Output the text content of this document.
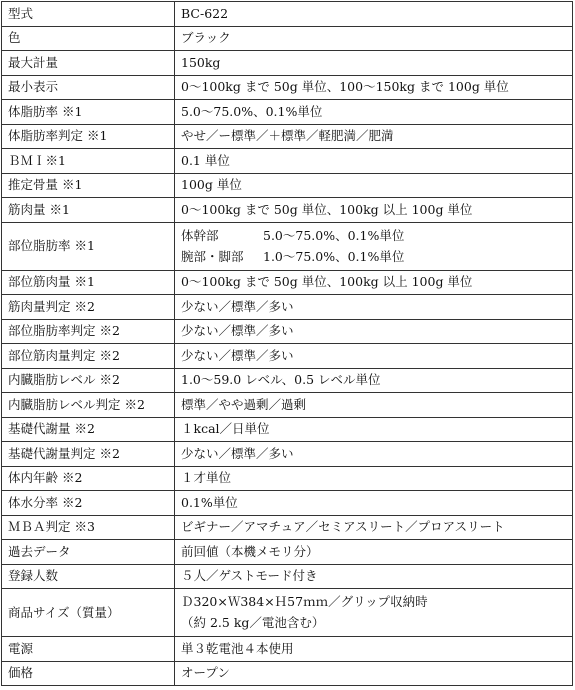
型式	BC-622
色	ブラック
最大計量	150kg
最小表示	0～100kg まで 50g 単位、100～150kg まで 100g 単位
体脂肪率 ※1	5.0～75.0%、0.1%単位
体脂肪率判定 ※1	やせ／ー標準／＋標準／軽肥満／肥満
ＢＭＩ※1	0.1 単位
推定骨量 ※1	100g 単位
筋肉量 ※1	0～100kg まで 50g 単位、100kg 以上 100g 単位
部位脂肪率 ※1	体幹部 5.0～75.0%、0.1%単位
腕部・脚部 1.0～75.0%、0.1%単位

部位筋肉量 ※1	0～100kg まで 50g 単位、100kg 以上 100g 単位
筋肉量判定 ※2	少ない／標準／多い
部位脂肪率判定 ※2	少ない／標準／多い
部位筋肉量判定 ※2	少ない／標準／多い
内臓脂肪レベル ※2	1.0～59.0 レベル、0.5 レベル単位
内臓脂肪レベル判定 ※2	標準／やや過剰／過剰
基礎代謝量 ※2	１kcal／日単位
基礎代謝量判定 ※2	少ない／標準／多い
体内年齢 ※2	１才単位
体水分率 ※2	0.1%単位
ＭＢＡ判定 ※3	ビギナー／アマチュア／セミアスリート／プロアスリート
過去データ	前回値（本機メモリ分）
登録人数	５人／ゲストモード付き
商品サイズ（質量）	Ｄ320×Ｗ384×Ｈ57ｍｍ／グリップ収納時
（約 2.5 kg／電池含む）

電源	単３乾電池４本使用
価格	オープン
